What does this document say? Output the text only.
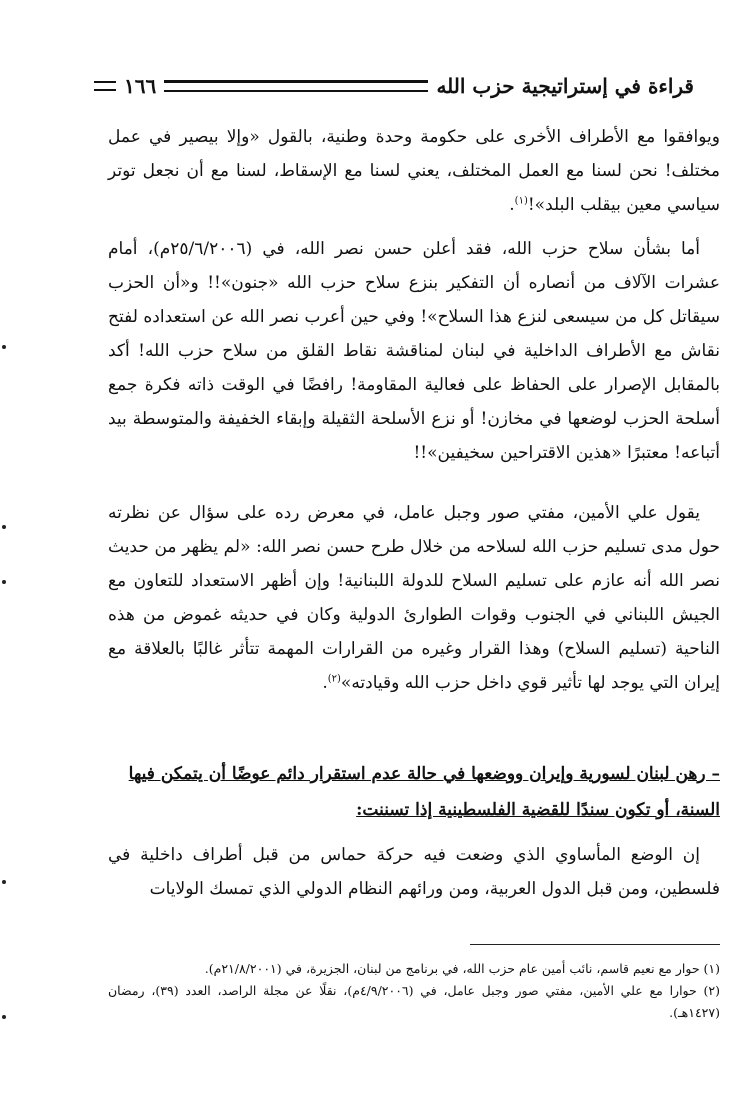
قراءة في إستراتيجية حزب الله
١٦٦

ويوافقوا مع الأطراف الأخرى على حكومة وحدة وطنية، بالقول «وإلا بيصير في عمل مختلف! نحن لسنا مع العمل المختلف، يعني لسنا مع الإسقاط، لسنا مع أن نجعل توتر سياسي معين بيقلب البلد»!$^{(١)}$.

أما بشأن سلاح حزب الله، فقد أعلن حسن نصر الله، في (٢٥/٦/٢٠٠٦م)، أمام عشرات الآلاف من أنصاره أن التفكير بنزع سلاح حزب الله «جنون»!! و«أن الحزب سيقاتل كل من سيسعى لنزع هذا السلاح»! وفي حين أعرب نصر الله عن استعداده لفتح نقاش مع الأطراف الداخلية في لبنان لمناقشة نقاط القلق من سلاح حزب الله! أكد بالمقابل الإصرار على الحفاظ على فعالية المقاومة! رافضًا في الوقت ذاته فكرة جمع أسلحة الحزب لوضعها في مخازن! أو نزع الأسلحة الثقيلة وإبقاء الخفيفة والمتوسطة بيد أتباعه! معتبرًا «هذين الاقتراحين سخيفين»!!

يقول علي الأمين، مفتي صور وجبل عامل، في معرض رده على سؤال عن نظرته حول مدى تسليم حزب الله لسلاحه من خلال طرح حسن نصر الله: «لم يظهر من حديث نصر الله أنه عازم على تسليم السلاح للدولة اللبنانية! وإن أظهر الاستعداد للتعاون مع الجيش اللبناني في الجنوب وقوات الطوارئ الدولية وكان في حديثه غموض من هذه الناحية (تسليم السلاح) وهذا القرار وغيره من القرارات المهمة تتأثر غالبًا بالعلاقة مع إيران التي يوجد لها تأثير قوي داخل حزب الله وقيادته»$^{(٢)}$.

– رهن لبنان لسورية وإيران ووضعها في حالة عدم استقرار دائم عوضًا أن يتمكن فيها السنة، أو تكون سندًا للقضية الفلسطينية إذا تسننت:

إن الوضع المأساوي الذي وضعت فيه حركة حماس من قبل أطراف داخلية في فلسطين، ومن قبل الدول العربية، ومن ورائهم النظام الدولي الذي تمسك الولايات

(١) حوار مع نعيم قاسم، نائب أمين عام حزب الله، في برنامج من لبنان، الجزيرة، في (٢١/٨/٢٠٠١م).

(٢) حوارا مع علي الأمين، مفتي صور وجبل عامل، في (٤/٩/٢٠٠٦م)، نقلًا عن مجلة الراصد، العدد (٣٩)، رمضان (١٤٢٧هـ).
